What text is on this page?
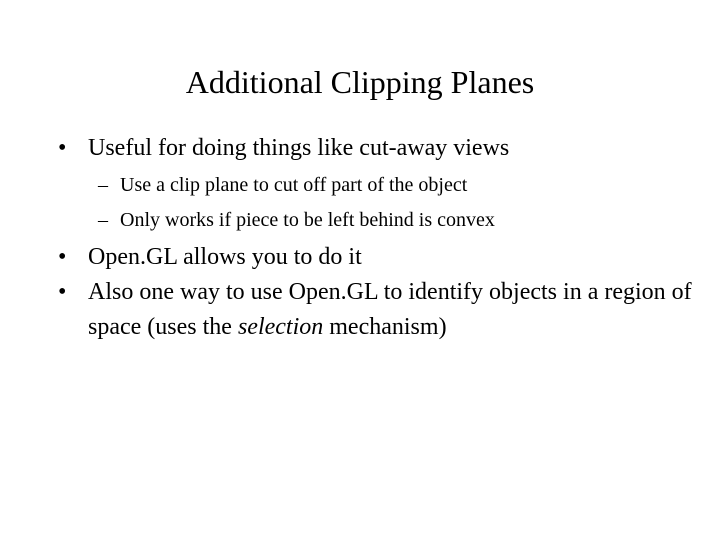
Additional Clipping Planes
• Useful for doing things like cut-away views
– Use a clip plane to cut off part of the object
– Only works if piece to be left behind is convex
• Open.GL allows you to do it
• Also one way to use Open.GL to identify objects in a region of space (uses the selection mechanism)
